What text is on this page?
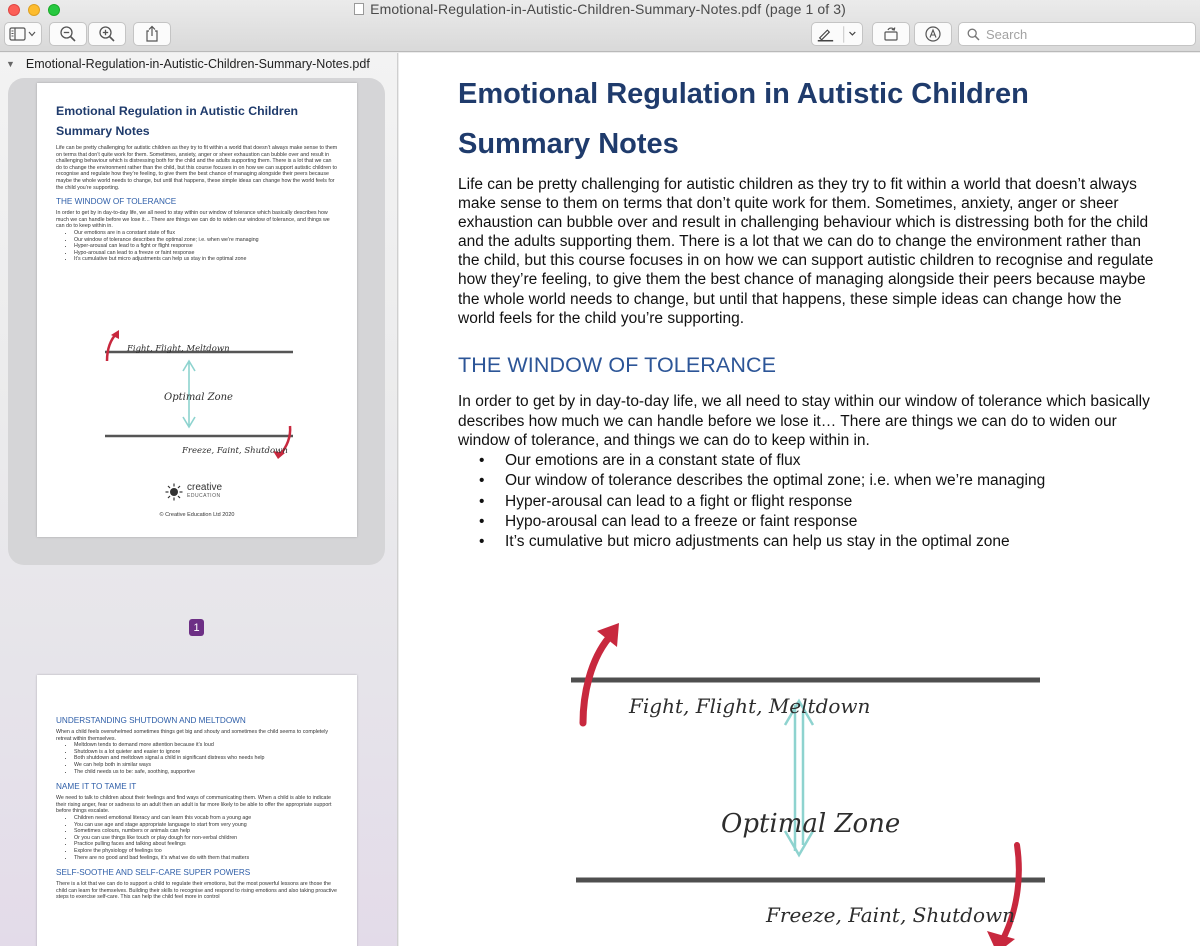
Emotional-Regulation-in-Autistic-Children-Summary-Notes.pdf (page 1 of 3)
Search
▼ Emotional-Regulation-in-Autistic-Children-Summary-Notes.pdf
Emotional Regulation in Autistic Children
Summary Notes
Life can be pretty challenging for autistic children as they try to fit within a world that doesn’t always make sense to them on terms that don’t quite work for them. Sometimes, anxiety, anger or sheer exhaustion can bubble over and result in challenging behaviour which is distressing both for the child and the adults supporting them. There is a lot that we can do to change the environment rather than the child, but this course focuses in on how we can support autistic children to recognise and regulate how they’re feeling, to give them the best chance of managing alongside their peers because maybe the whole world needs to change, but until that happens, these simple ideas can change how the world feels for the child you’re supporting.
THE WINDOW OF TOLERANCE
In order to get by in day-to-day life, we all need to stay within our window of tolerance which basically describes how much we can handle before we lose it… There are things we can do to widen our window of tolerance, and things we can do to keep within in.
• Our emotions are in a constant state of flux
• Our window of tolerance describes the optimal zone; i.e. when we’re managing
• Hyper-arousal can lead to a fight or flight response
• Hypo-arousal can lead to a freeze or faint response
• It’s cumulative but micro adjustments can help us stay in the optimal zone
Fight, Flight, Meltdown
Optimal Zone
Freeze, Faint, Shutdown
creative
EDUCATION
© Creative Education Ltd 2020
1
UNDERSTANDING SHUTDOWN AND MELTDOWN
When a child feels overwhelmed sometimes things get big and shouty and sometimes the child seems to completely retreat within themselves.
• Meltdown tends to demand more attention because it’s loud
• Shutdown is a lot quieter and easier to ignore
• Both shutdown and meltdown signal a child in significant distress who needs help
• We can help both in similar ways
• The child needs us to be: safe, soothing, supportive
NAME IT TO TAME IT
We need to talk to children about their feelings and find ways of communicating them. When a child is able to indicate their rising anger, fear or sadness to an adult then an adult is far more likely to be able to offer the appropriate support before things escalate.
• Children need emotional literacy and can learn this vocab from a young age
• You can use age and stage appropriate language to start from very young
• Sometimes colours, numbers or animals can help
• Or you can use things like touch or play dough for non-verbal children
• Practice pulling faces and talking about feelings
• Explore the physiology of feelings too
• There are no good and bad feelings, it’s what we do with them that matters
SELF-SOOTHE AND SELF-CARE SUPER POWERS
There is a lot that we can do to support a child to regulate their emotions, but the most powerful lessons are those the child can learn for themselves. Building their skills to recognise and respond to rising emotions and also taking proactive steps to exercise self-care. This can help the child feel more in control
Emotional Regulation in Autistic Children
Summary Notes
Life can be pretty challenging for autistic children as they try to fit within a world that doesn’t always make sense to them on terms that don’t quite work for them. Sometimes, anxiety, anger or sheer exhaustion can bubble over and result in challenging behaviour which is distressing both for the child and the adults supporting them. There is a lot that we can do to change the environment rather than the child, but this course focuses in on how we can support autistic children to recognise and regulate how they’re feeling, to give them the best chance of managing alongside their peers because maybe the whole world needs to change, but until that happens, these simple ideas can change how the world feels for the child you’re supporting.
THE WINDOW OF TOLERANCE
In order to get by in day-to-day life, we all need to stay within our window of tolerance which basically describes how much we can handle before we lose it… There are things we can do to widen our window of tolerance, and things we can do to keep within in.
• Our emotions are in a constant state of flux
• Our window of tolerance describes the optimal zone; i.e. when we’re managing
• Hyper-arousal can lead to a fight or flight response
• Hypo-arousal can lead to a freeze or faint response
• It’s cumulative but micro adjustments can help us stay in the optimal zone
Fight, Flight, Meltdown
Optimal Zone
Freeze, Faint, Shutdown
